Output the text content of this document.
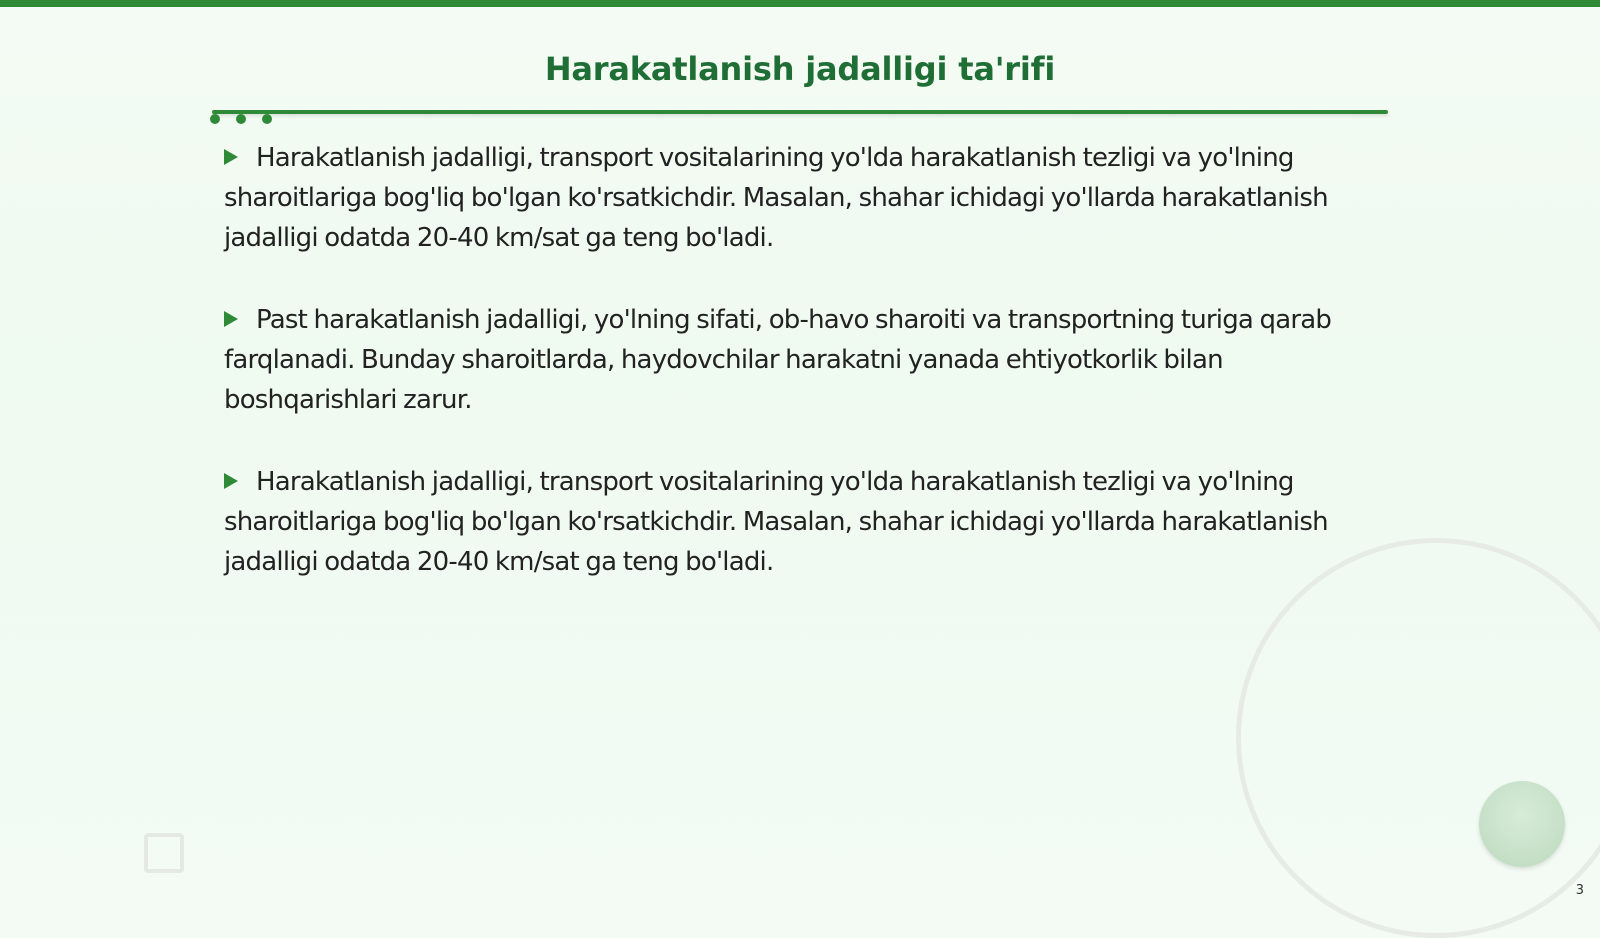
Harakatlanish jadalligi ta'rifi

Harakatlanish jadalligi, transport vositalarining yo'lda harakatlanish tezligi va yo'lning sharoitlariga bog'liq bo'lgan ko'rsatkichdir. Masalan, shahar ichidagi yo'llarda harakatlanish jadalligi odatda 20-40 km/sat ga teng bo'ladi.

Past harakatlanish jadalligi, yo'lning sifati, ob-havo sharoiti va transportning turiga qarab farqlanadi. Bunday sharoitlarda, haydovchilar harakatni yanada ehtiyotkorlik bilan boshqarishlari zarur.

Harakatlanish jadalligi, transport vositalarining yo'lda harakatlanish tezligi va yo'lning sharoitlariga bog'liq bo'lgan ko'rsatkichdir. Masalan, shahar ichidagi yo'llarda harakatlanish jadalligi odatda 20-40 km/sat ga teng bo'ladi.

3
